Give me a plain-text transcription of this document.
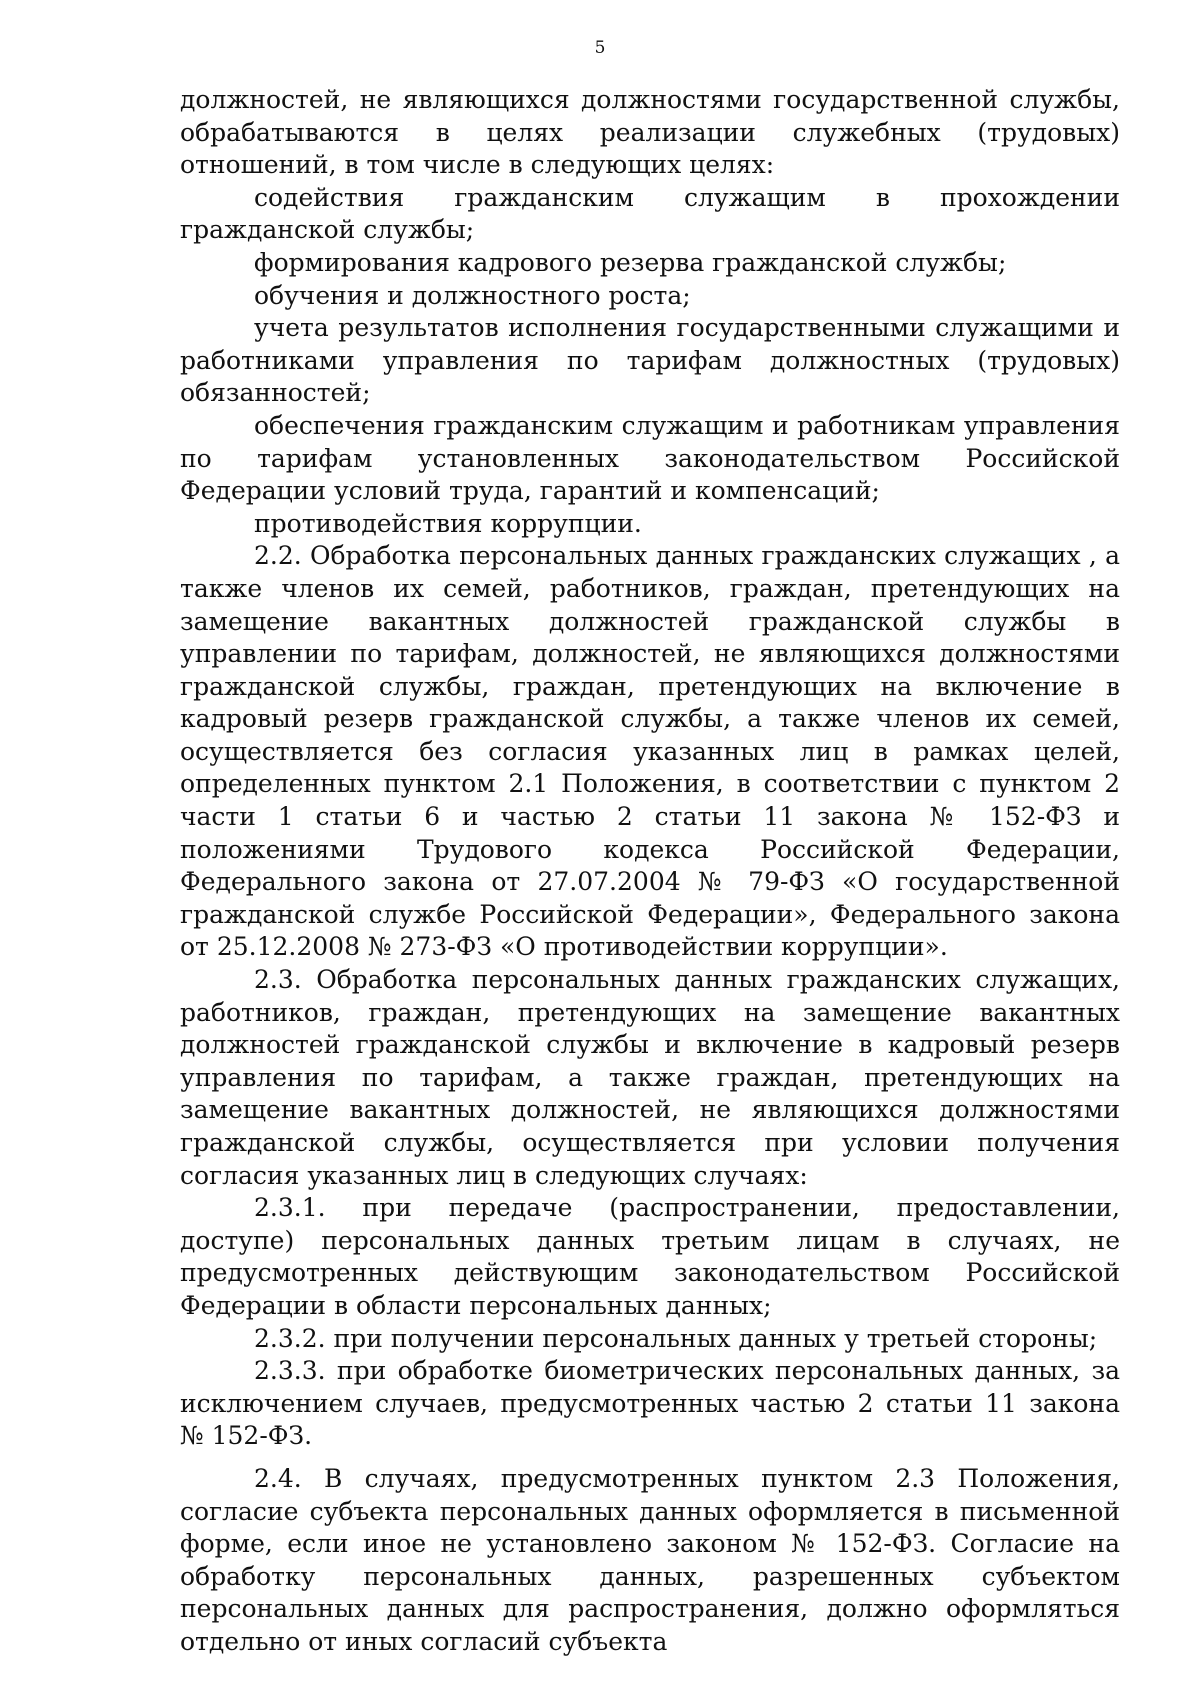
5

должностей, не являющихся должностями государственной службы, обрабатываются в целях реализации служебных (трудовых) отношений, в том числе в следующих целях:

содействия гражданским служащим в прохождении гражданской службы;

формирования кадрового резерва гражданской службы;

обучения и должностного роста;

учета результатов исполнения государственными служащими и работниками управления по тарифам должностных (трудовых) обязанностей;

обеспечения гражданским служащим и работникам управления по тарифам установленных законодательством Российской Федерации условий труда, гарантий и компенсаций;

противодействия коррупции.

2.2. Обработка персональных данных гражданских служащих , а также членов их семей, работников, граждан, претендующих на замещение вакантных должностей гражданской службы в управлении по тарифам, должностей, не являющихся должностями гражданской службы, граждан, претендующих на включение в кадровый резерв гражданской службы, а также членов их семей, осуществляется без согласия указанных лиц в рамках целей, определенных пунктом 2.1 Положения, в соответствии с пунктом 2 части 1 статьи 6 и частью 2 статьи 11 закона № 152-ФЗ и положениями Трудового кодекса Российской Федерации, Федерального закона от 27.07.2004 № 79-ФЗ «О государственной гражданской службе Российской Федерации», Федерального закона от 25.12.2008 № 273-ФЗ «О противодействии коррупции».

2.3. Обработка персональных данных гражданских служащих, работников, граждан, претендующих на замещение вакантных должностей гражданской службы и включение в кадровый резерв управления по тарифам, а также граждан, претендующих на замещение вакантных должностей, не являющихся должностями гражданской службы, осуществляется при условии получения согласия указанных лиц в следующих случаях:

2.3.1. при передаче (распространении, предоставлении, доступе) персональных данных третьим лицам в случаях, не предусмотренных действующим законодательством Российской Федерации в области персональных данных;

2.3.2. при получении персональных данных у третьей стороны;

2.3.3. при обработке биометрических персональных данных, за исключением случаев, предусмотренных частью 2 статьи 11 закона № 152-ФЗ.

2.4. В случаях, предусмотренных пунктом 2.3 Положения, согласие субъекта персональных данных оформляется в письменной форме, если иное не установлено законом № 152-ФЗ. Согласие на обработку персональных данных, разрешенных субъектом персональных данных для распространения, должно оформляться отдельно от иных согласий субъекта
